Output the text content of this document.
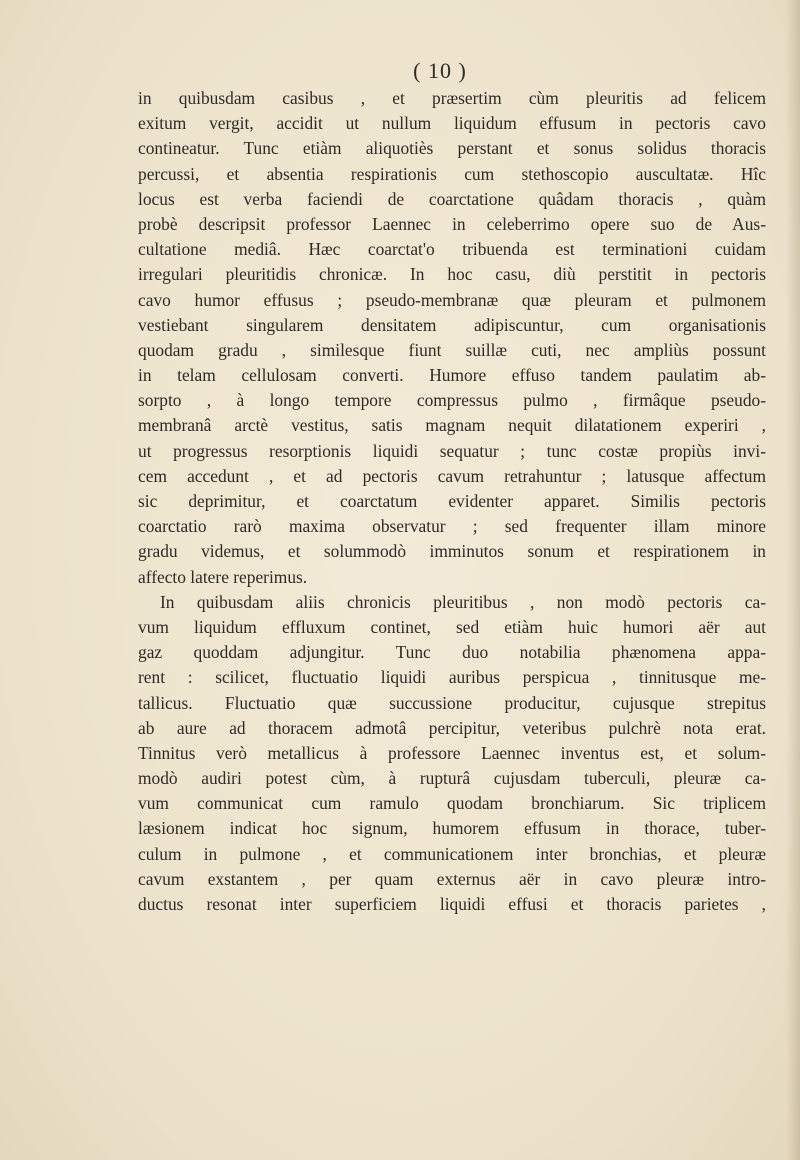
( 10 )
in quibusdam casibus , et præsertim cùm pleuritis ad felicem
exitum vergit, accidit ut nullum liquidum effusum in pectoris cavo
contineatur. Tunc etiàm aliquotiès perstant et sonus solidus thoracis
percussi, et absentia respirationis cum stethoscopio auscultatæ. Hîc
locus est verba faciendi de coarctatione quâdam thoracis , quàm
probè descripsit professor Laennec in celeberrimo opere suo de Aus-
cultatione mediâ. Hæc coarctat'o tribuenda est terminationi cuidam
irregulari pleuritidis chronicæ. In hoc casu, diù perstitit in pectoris
cavo humor effusus ; pseudo-membranæ quæ pleuram et pulmonem
vestiebant singularem densitatem adipiscuntur, cum organisationis
quodam gradu , similesque fiunt suillæ cuti, nec ampliùs possunt
in telam cellulosam converti. Humore effuso tandem paulatim ab-
sorpto , à longo tempore compressus pulmo , firmâque pseudo-
membranâ arctè vestitus, satis magnam nequit dilatationem experiri ,
ut progressus resorptionis liquidi sequatur ; tunc costæ propiùs invi-
cem accedunt , et ad pectoris cavum retrahuntur ; latusque affectum
sic deprimitur, et coarctatum evidenter apparet. Similis pectoris
coarctatio rarò maxima observatur ; sed frequenter illam minore
gradu videmus, et solummodò imminutos sonum et respirationem in
affecto latere reperimus.
In quibusdam aliis chronicis pleuritibus , non modò pectoris ca-
vum liquidum effluxum continet, sed etiàm huic humori aër aut
gaz quoddam adjungitur. Tunc duo notabilia phænomena appa-
rent : scilicet, fluctuatio liquidi auribus perspicua , tinnitusque me-
tallicus. Fluctuatio quæ succussione producitur, cujusque strepitus
ab aure ad thoracem admotâ percipitur, veteribus pulchrè nota erat.
Tinnitus verò metallicus à professore Laennec inventus est, et solum-
modò audiri potest cùm, à rupturâ cujusdam tuberculi, pleuræ ca-
vum communicat cum ramulo quodam bronchiarum. Sic triplicem
læsionem indicat hoc signum, humorem effusum in thorace, tuber-
culum in pulmone , et communicationem inter bronchias, et pleuræ
cavum exstantem , per quam externus aër in cavo pleuræ intro-
ductus resonat inter superficiem liquidi effusi et thoracis parietes ,
